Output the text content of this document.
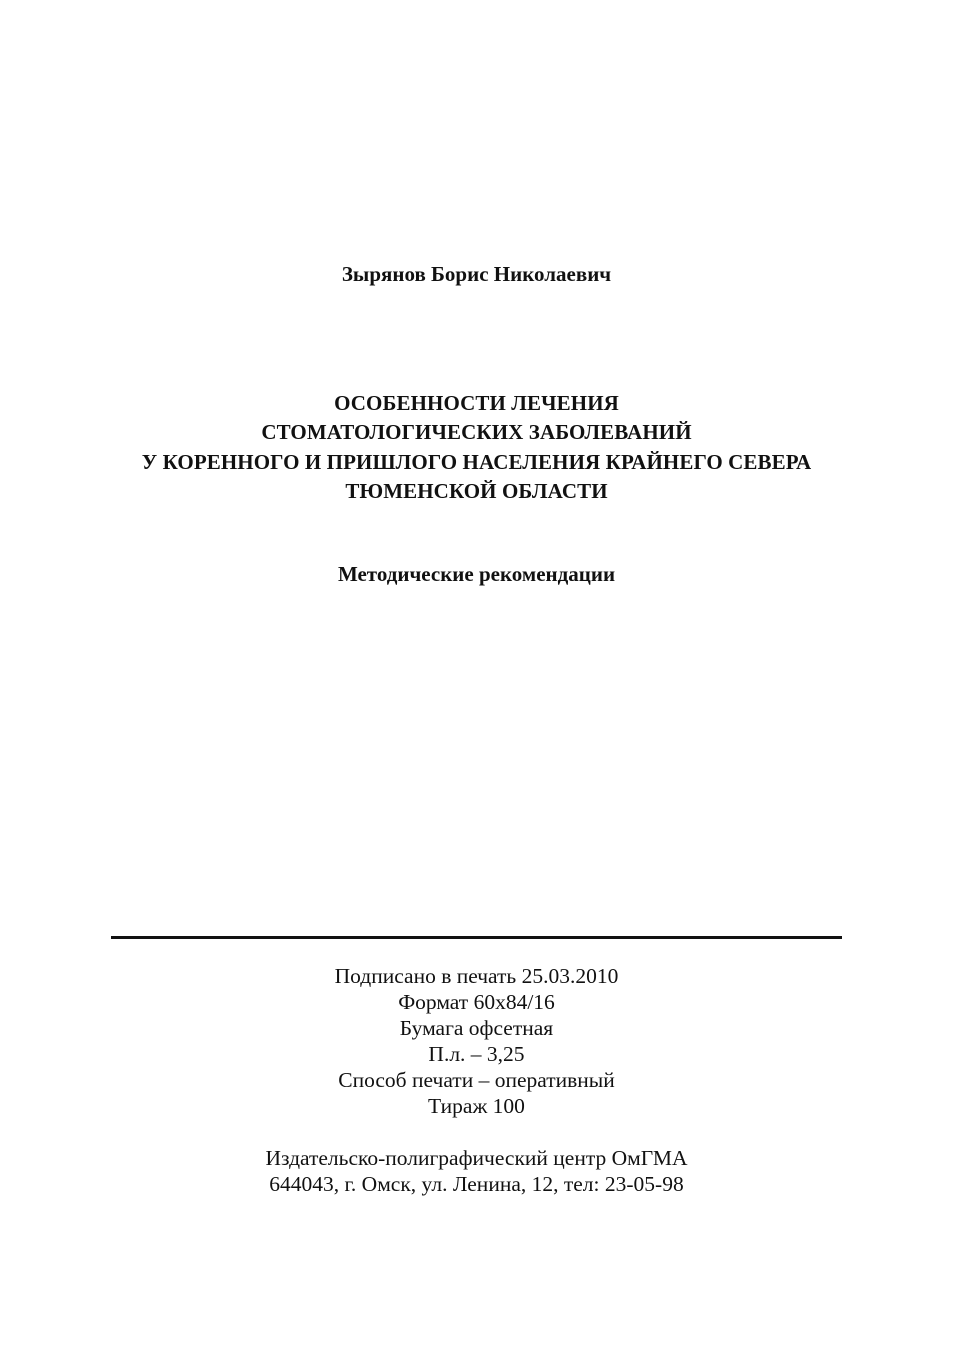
Зырянов Борис Николаевич
ОСОБЕННОСТИ ЛЕЧЕНИЯ
СТОМАТОЛОГИЧЕСКИХ ЗАБОЛЕВАНИЙ
У КОРЕННОГО И ПРИШЛОГО НАСЕЛЕНИЯ КРАЙНЕГО СЕВЕРА
ТЮМЕНСКОЙ ОБЛАСТИ
Методические рекомендации
Подписано в печать 25.03.2010
Формат 60х84/16
Бумага офсетная
П.л. – 3,25
Способ печати – оперативный
Тираж 100
Издательско-полиграфический центр ОмГМА
644043, г. Омск, ул. Ленина, 12, тел: 23-05-98
